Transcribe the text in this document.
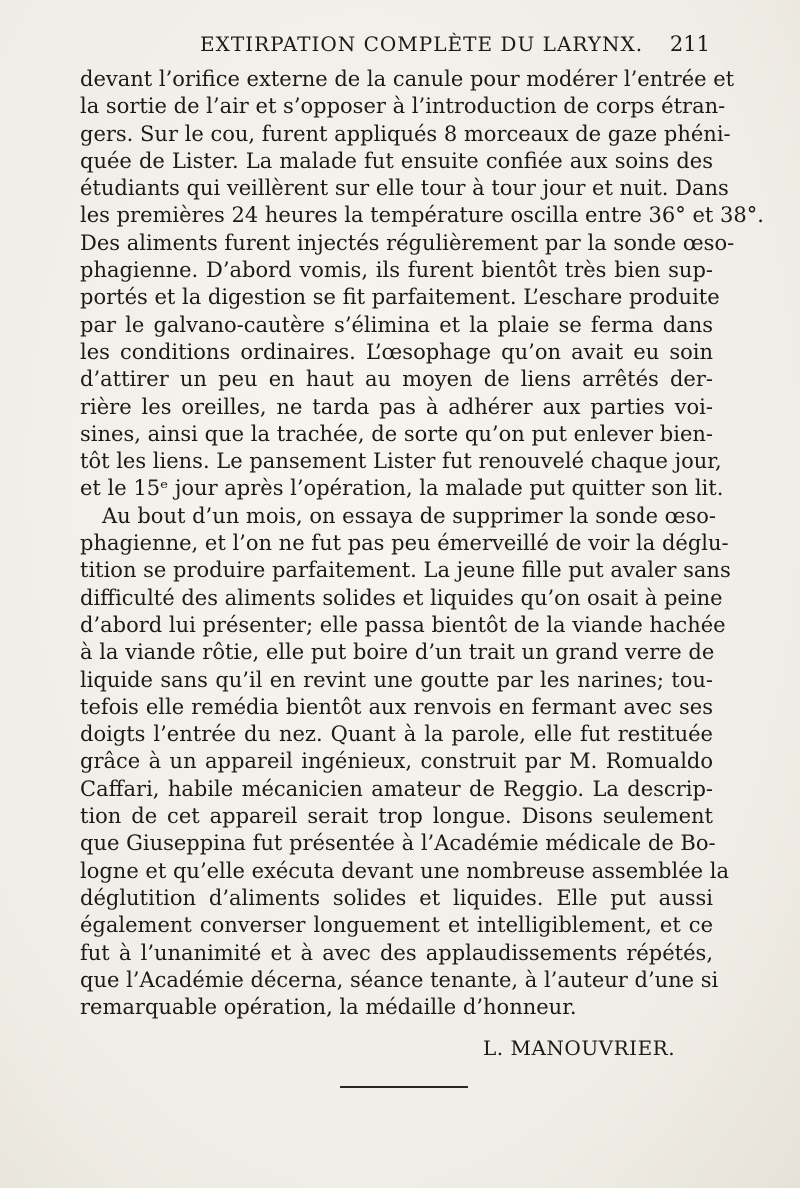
EXTIRPATION COMPLÈTE DU LARYNX. 211
devant l’orifice externe de la canule pour modérer l’entrée et
la sortie de l’air et s’opposer à l’introduction de corps étran-
gers. Sur le cou, furent appliqués 8 morceaux de gaze phéni-
quée de Lister. La malade fut ensuite confiée aux soins des
étudiants qui veillèrent sur elle tour à tour jour et nuit. Dans
les premières 24 heures la température oscilla entre 36° et 38°.
Des aliments furent injectés régulièrement par la sonde œso-
phagienne. D’abord vomis, ils furent bientôt très bien sup-
portés et la digestion se fit parfaitement. L’eschare produite
par le galvano-cautère s’élimina et la plaie se ferma dans
les conditions ordinaires. L’œsophage qu’on avait eu soin
d’attirer un peu en haut au moyen de liens arrêtés der-
rière les oreilles, ne tarda pas à adhérer aux parties voi-
sines, ainsi que la trachée, de sorte qu’on put enlever bien-
tôt les liens. Le pansement Lister fut renouvelé chaque jour,
et le 15ᵉ jour après l’opération, la malade put quitter son lit.
Au bout d’un mois, on essaya de supprimer la sonde œso-
phagienne, et l’on ne fut pas peu émerveillé de voir la déglu-
tition se produire parfaitement. La jeune fille put avaler sans
difficulté des aliments solides et liquides qu’on osait à peine
d’abord lui présenter; elle passa bientôt de la viande hachée
à la viande rôtie, elle put boire d’un trait un grand verre de
liquide sans qu’il en revint une goutte par les narines; tou-
tefois elle remédia bientôt aux renvois en fermant avec ses
doigts l’entrée du nez. Quant à la parole, elle fut restituée
grâce à un appareil ingénieux, construit par M. Romualdo
Caffari, habile mécanicien amateur de Reggio. La descrip-
tion de cet appareil serait trop longue. Disons seulement
que Giuseppina fut présentée à l’Académie médicale de Bo-
logne et qu’elle exécuta devant une nombreuse assemblée la
déglutition d’aliments solides et liquides. Elle put aussi
également converser longuement et intelligiblement, et ce
fut à l’unanimité et à avec des applaudissements répétés,
que l’Académie décerna, séance tenante, à l’auteur d’une si
remarquable opération, la médaille d’honneur.
L. MANOUVRIER.
